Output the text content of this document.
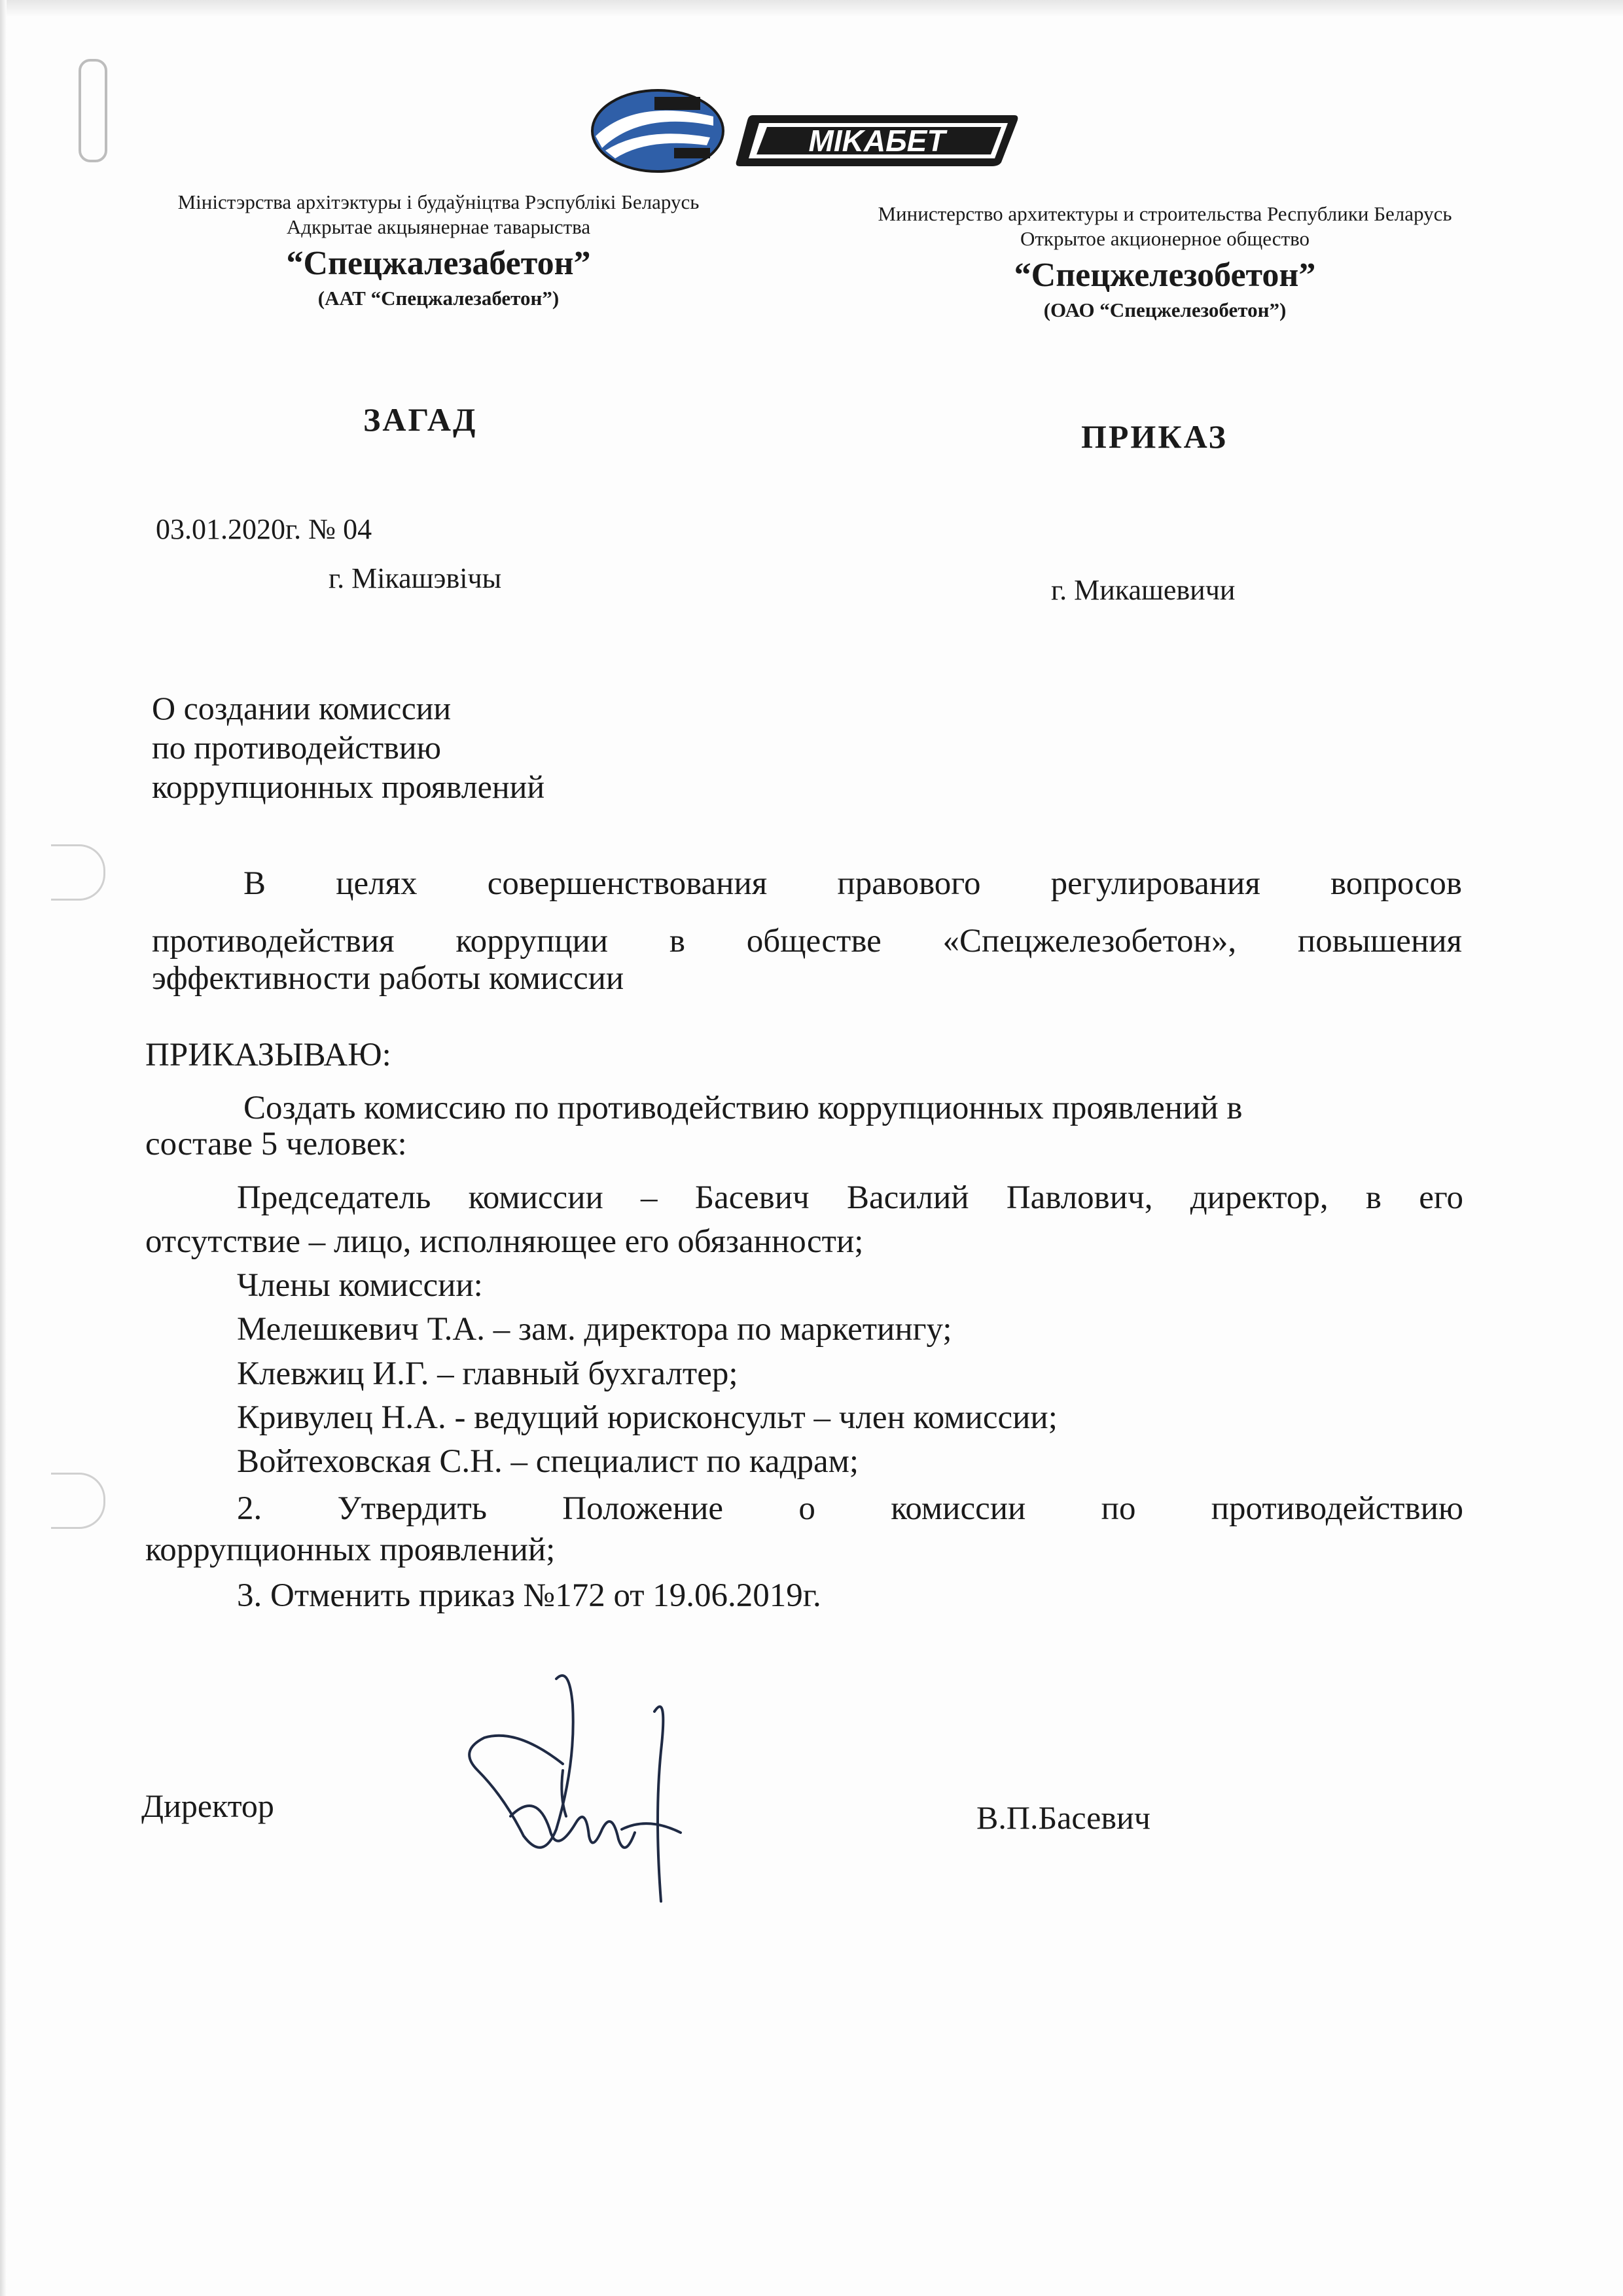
MIKAБЕТ
Міністэрства архітэктуры і будаўніцтва Рэспублікі Беларусь
Адкрытае акцыянернае таварыства
“Спецжалезабетон”
(ААТ “Спецжалезабетон”)
Министерство архитектуры и строительства Республики Беларусь
Открытое акционерное общество
“Спецжелезобетон”
(ОАО “Спецжелезобетон”)
ЗАГАД	ПРИКАЗ
03.01.2020г. № 04
г. Мікашэвічы	г. Микашевичи
О создании комиссии
по противодействию
коррупционных проявлений
В целях совершенствования правового регулирования вопросов
противодействия коррупции в обществе «Спецжелезобетон», повышения
эффективности работы комиссии
ПРИКАЗЫВАЮ:
Создать комиссию по противодействию коррупционных проявлений в
составе 5 человек:
Председатель комиссии – Басевич Василий Павлович, директор, в его
отсутствие – лицо, исполняющее его обязанности;
Члены комиссии:
Мелешкевич Т.А. – зам. директора по маркетингу;
Клевжиц И.Г. – главный бухгалтер;
Кривулец Н.А. - ведущий юрисконсульт – член комиссии;
Войтеховская С.Н. – специалист по кадрам;
2. Утвердить Положение о комиссии по противодействию
коррупционных проявлений;
3. Отменить приказ №172 от 19.06.2019г.
Директор	В.П.Басевич
